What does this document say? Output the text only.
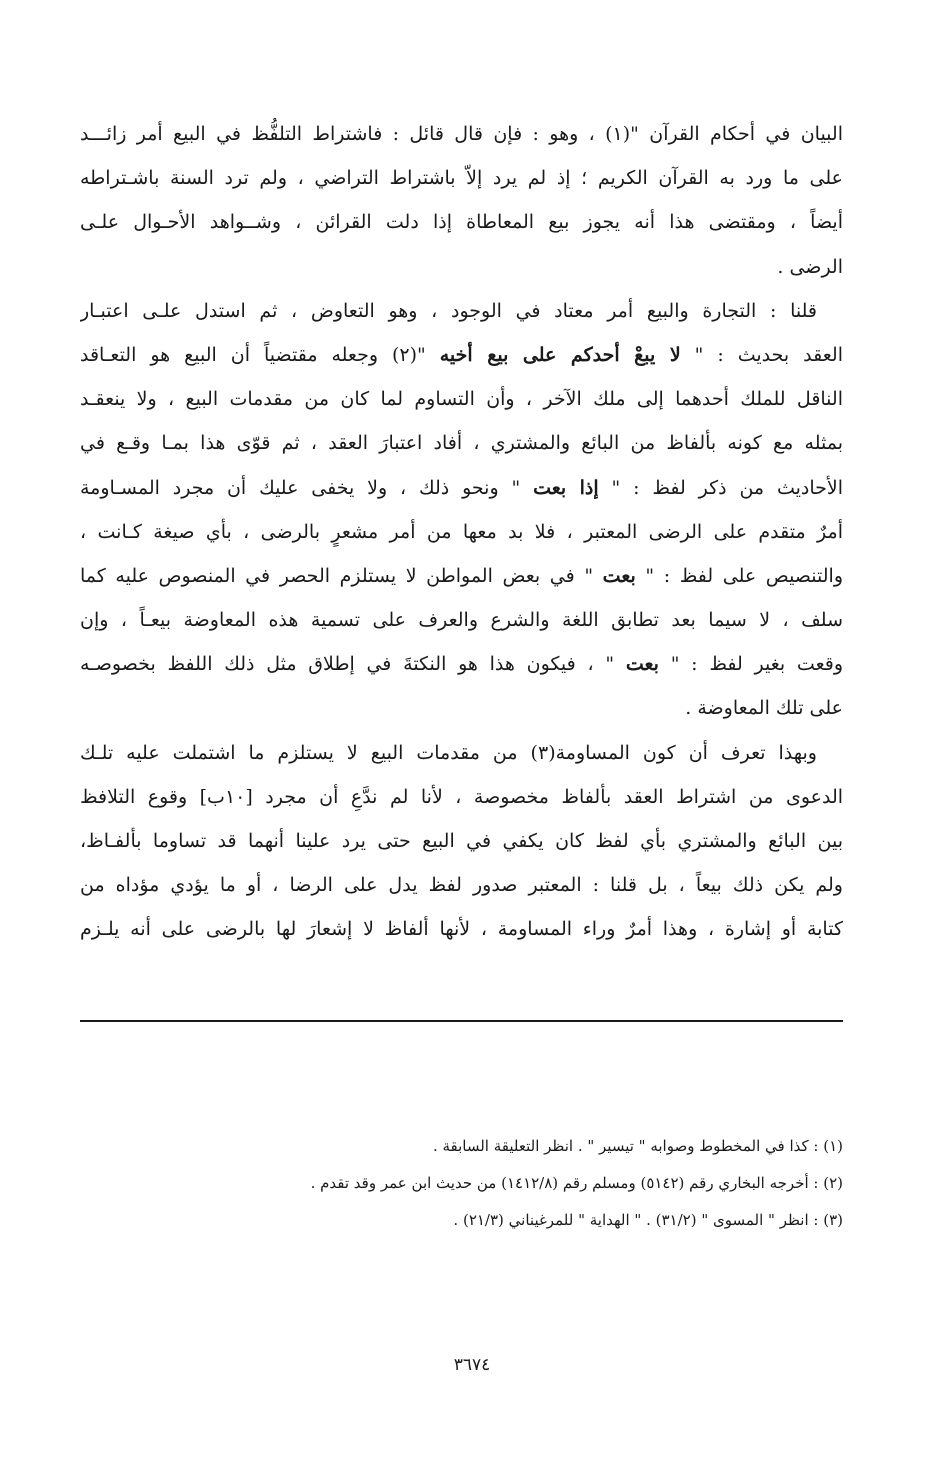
البيان في أحكام القرآن "(١) ، وهو : فإن قال قائل : فاشتراط التلفُّظ في البيع أمر زائـــد
على ما ورد به القرآن الكريم ؛ إذ لم يرد إلاّ باشتراط التراضي ، ولم ترد السنة باشـتراطه
أيضاً ، ومقتضى هذا أنه يجوز بيع المعاطاة إذا دلت القرائن ، وشــواهد الأحـوال علـى
الرضى .
قلنا : التجارة والبيع أمر معتاد في الوجود ، وهو التعاوض ، ثم استدل علـى اعتبـار
العقد بحديث : " لا يبعْ أحدكم على بيع أخيه "(٢) وجعله مقتضياً أن البيع هو التعـاقد
الناقل للملك أحدهما إلى ملك الآخر ، وأن التساوم لما كان من مقدمات البيع ، ولا ينعقـد
بمثله مع كونه بألفاظ من البائع والمشتري ، أفاد اعتبارَ العقد ، ثم قوّى هذا بمـا وقـع في
الأحاديث من ذكر لفظ : " إذا بعت " ونحو ذلك ، ولا يخفى عليك أن مجرد المسـاومة
أمرٌ متقدم على الرضى المعتبر ، فلا بد معها من أمر مشعرٍ بالرضى ، بأي صيغة كـانت ،
والتنصيص على لفظ : " بعت " في بعض المواطن لا يستلزم الحصر في المنصوص عليه كما
سلف ، لا سيما بعد تطابق اللغة والشرع والعرف على تسمية هذه المعاوضة بيعـاً ، وإن
وقعت بغير لفظ : " بعت " ، فيكون هذا هو النكتةَ في إطلاق مثل ذلك اللفظ بخصوصـه
على تلك المعاوضة .
وبهذا تعرف أن كون المساومة(٣) من مقدمات البيع لا يستلزم ما اشتملت عليه تلـك
الدعوى من اشتراط العقد بألفاظ مخصوصة ، لأنا لم ندَّعِ أن مجرد [١٠ب] وقوع التلافظ
بين البائع والمشتري بأي لفظ كان يكفي في البيع حتى يرد علينا أنهما قد تساوما بألفـاظ،
ولم يكن ذلك بيعاً ، بل قلنا : المعتبر صدور لفظ يدل على الرضا ، أو ما يؤدي مؤداه من
كتابة أو إشارة ، وهذا أمرٌ وراء المساومة ، لأنها ألفاظ لا إشعارَ لها بالرضى على أنه يلـزم
(١) : كذا في المخطوط وصوابه " تيسير " . انظر التعليقة السابقة .
(٢) : أخرجه البخاري رقم (٥١٤٢) ومسلم رقم (١٤١٢/٨) من حديث ابن عمر وقد تقدم .
(٣) : انظر " المسوى " (٣١/٢) . " الهداية " للمرغيناني (٢١/٣) .
٣٦٧٤
